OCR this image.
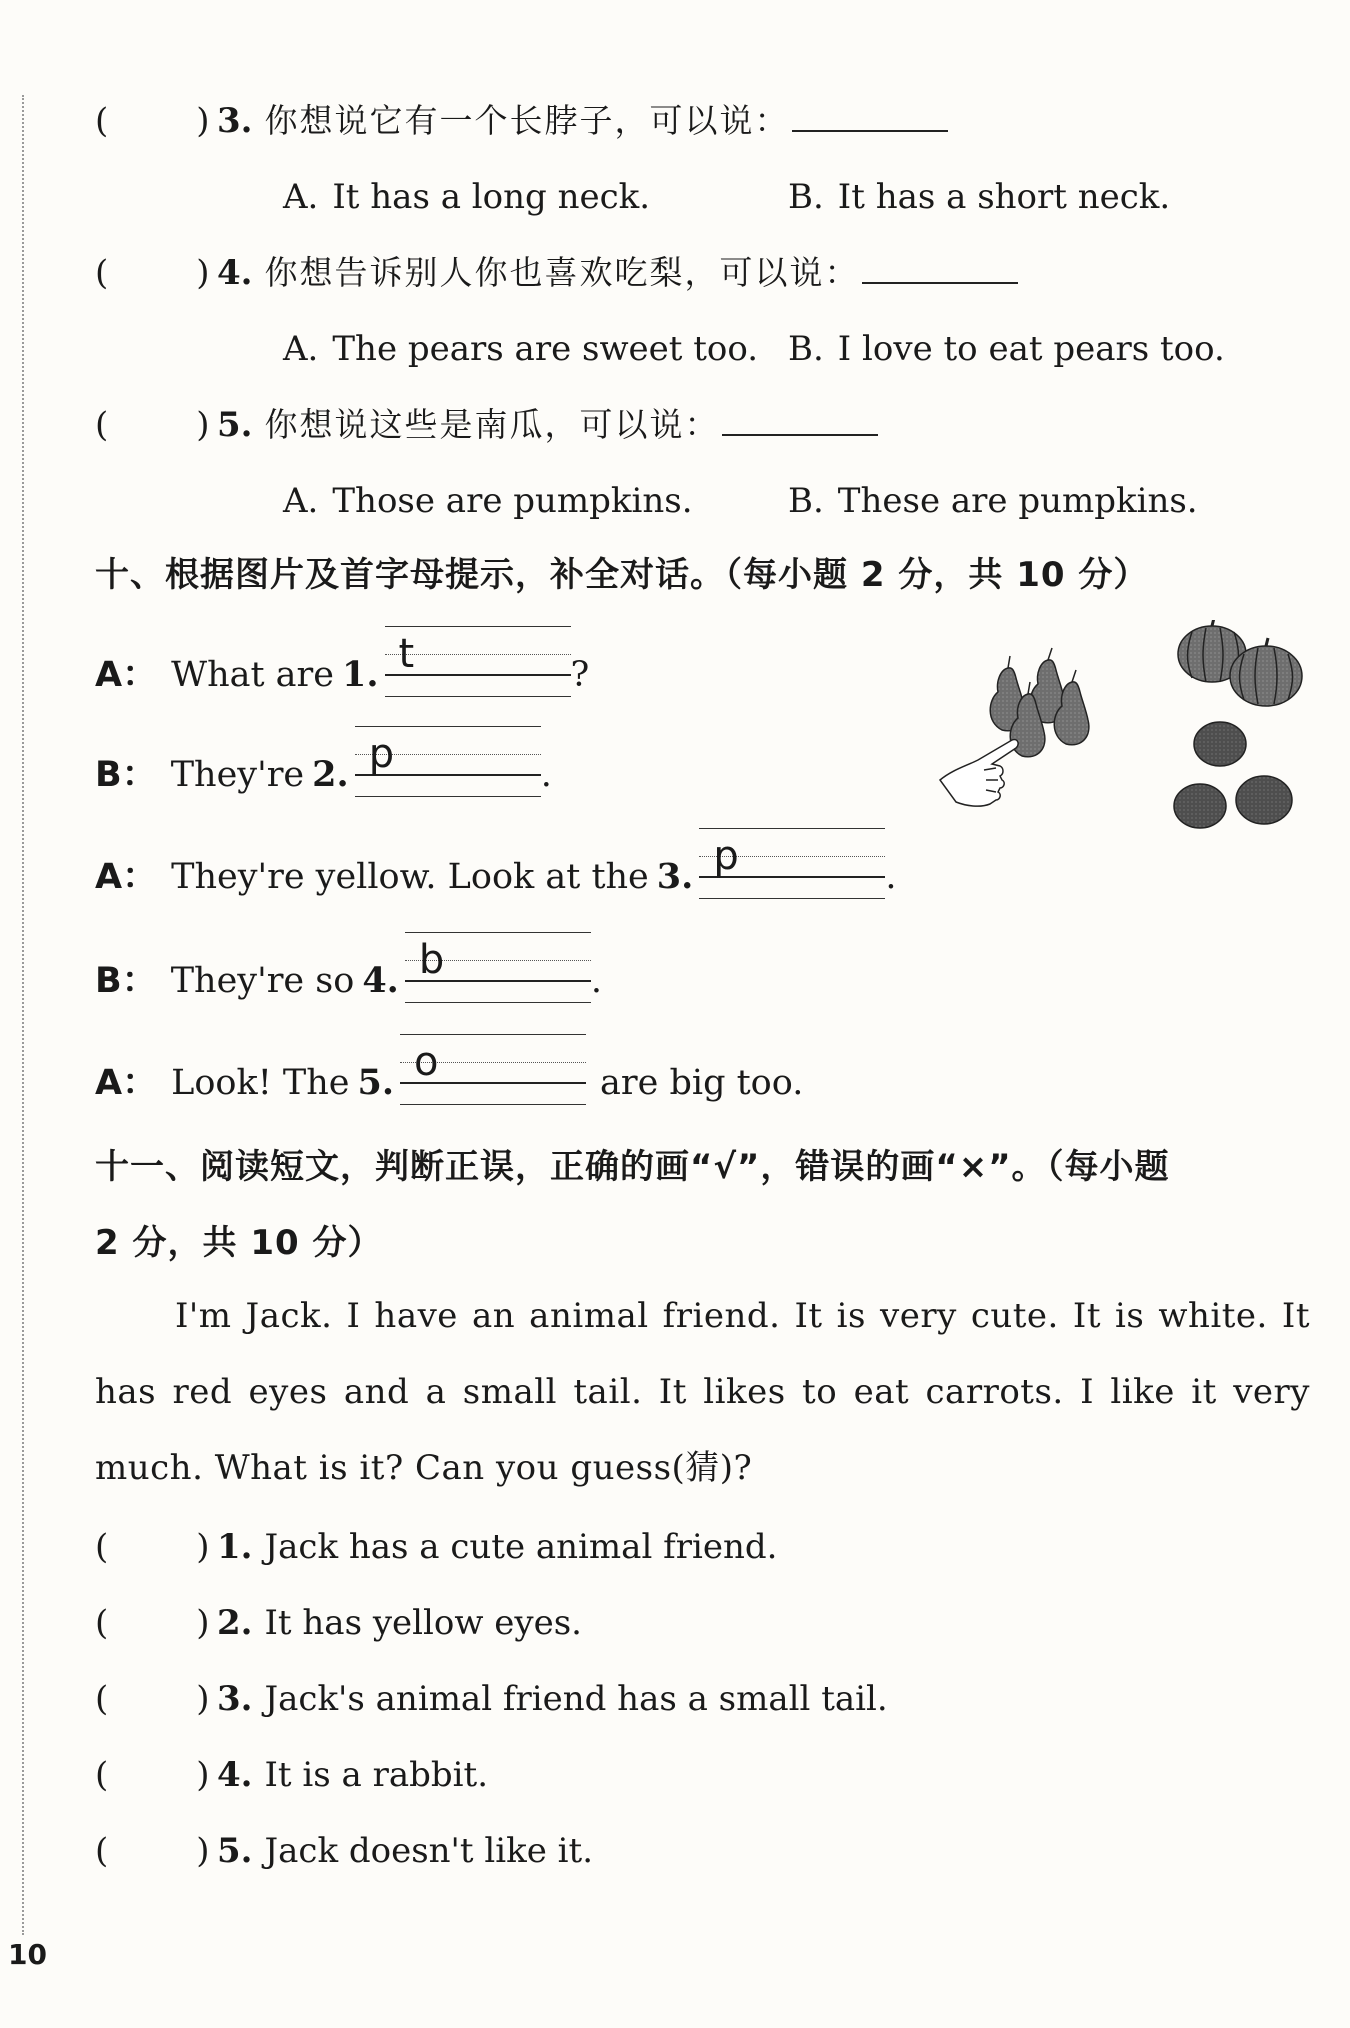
(	) 3. 你想说它有一个长脖子，可以说：
A. It has a long neck.	B. It has a short neck.
(	) 4. 你想告诉别人你也喜欢吃梨，可以说：
A. The pears are sweet too. B. I love to eat pears too.
(	) 5. 你想说这些是南瓜，可以说：
A. Those are pumpkins.	B. These are pumpkins.
十、根据图片及首字母提示，补全对话。（每小题 2 分，共 10 分）
A： What are 1. t	?
B： They're 2. p	.
A： They're yellow. Look at the 3. p	.
B： They're so 4. b	.
A： Look! The 5. o	are big too.
十一、阅读短文，判断正误，正确的画“√”，错误的画“×”。（每小题
2 分，共 10 分）

I'm Jack. I have an animal friend. It is very cute. It is white. It has red eyes and a small tail. It likes to eat carrots. I like it very much. What is it? Can you guess(猜)?

(	) 1. Jack has a cute animal friend.
(	) 2. It has yellow eyes.
(	) 3. Jack's animal friend has a small tail.
(	) 4. It is a rabbit.
(	) 5. Jack doesn't like it.
10
